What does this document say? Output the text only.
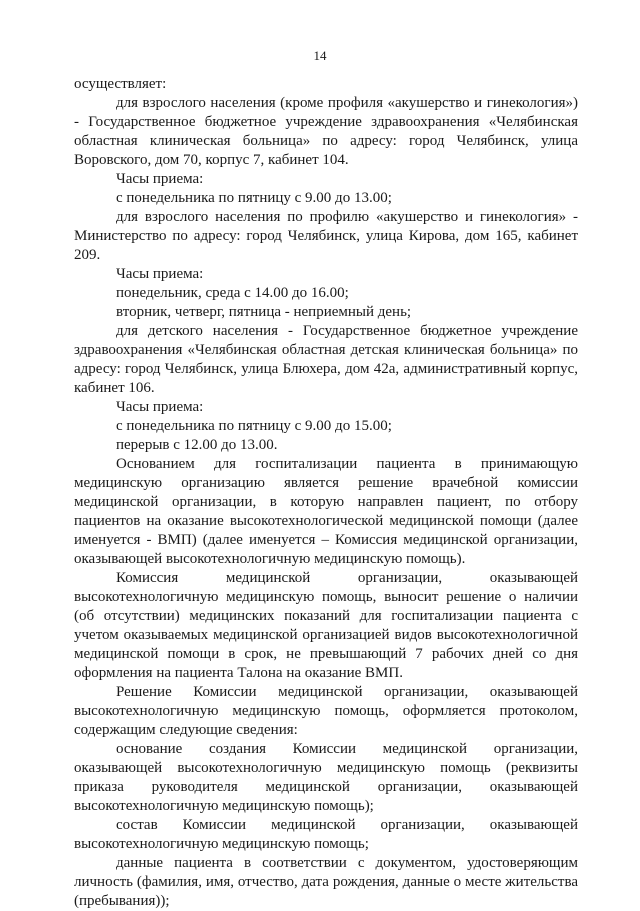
14

осуществляет:

для взрослого населения (кроме профиля «акушерство и гинекология») - Государственное бюджетное учреждение здравоохранения «Челябинская областная клиническая больница» по адресу: город Челябинск, улица Воровского, дом 70, корпус 7, кабинет 104.

Часы приема:

с понедельника по пятницу с 9.00 до 13.00;

для взрослого населения по профилю «акушерство и гинекология» - Министерство по адресу: город Челябинск, улица Кирова, дом 165, кабинет 209.

Часы приема:

понедельник, среда с 14.00 до 16.00;

вторник, четверг, пятница - неприемный день;

для детского населения - Государственное бюджетное учреждение здравоохранения «Челябинская областная детская клиническая больница» по адресу: город Челябинск, улица Блюхера, дом 42а, административный корпус, кабинет 106.

Часы приема:

с понедельника по пятницу с 9.00 до 15.00;

перерыв с 12.00 до 13.00.

Основанием для госпитализации пациента в принимающую медицинскую организацию является решение врачебной комиссии медицинской организации, в которую направлен пациент, по отбору пациентов на оказание высокотехнологической медицинской помощи (далее именуется - ВМП) (далее именуется – Комиссия медицинской организации, оказывающей высокотехнологичную медицинскую помощь).

Комиссия медицинской организации, оказывающей высокотехнологичную медицинскую помощь, выносит решение о наличии (об отсутствии) медицинских показаний для госпитализации пациента с учетом оказываемых медицинской организацией видов высокотехнологичной медицинской помощи в срок, не превышающий 7 рабочих дней со дня оформления на пациента Талона на оказание ВМП.

Решение Комиссии медицинской организации, оказывающей высокотехнологичную медицинскую помощь, оформляется протоколом, содержащим следующие сведения:

основание создания Комиссии медицинской организации, оказывающей высокотехнологичную медицинскую помощь (реквизиты приказа руководителя медицинской организации, оказывающей высокотехнологичную медицинскую помощь);

состав Комиссии медицинской организации, оказывающей высокотехнологичную медицинскую помощь;

данные пациента в соответствии с документом, удостоверяющим личность (фамилия, имя, отчество, дата рождения, данные о месте жительства (пребывания));
